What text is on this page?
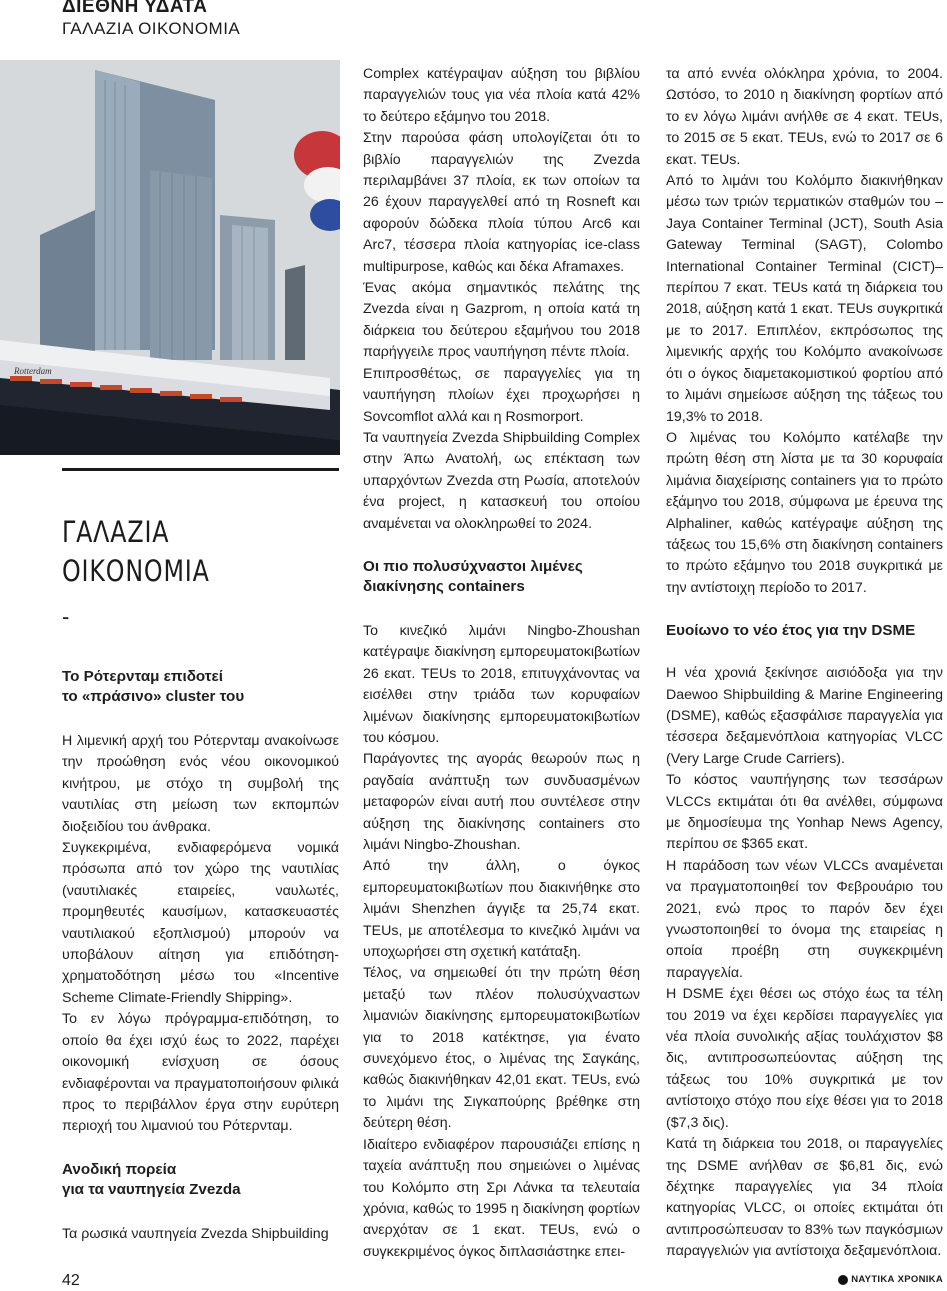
ΔΙΕΘΝΗ ΥΔΑΤΑ
ΓΑΛΑΖΙΑ ΟΙΚΟΝΟΜΙΑ
Rotterdam
ΓΑΛΑΖΙΑ
ΟΙΚΟΝΟΜΙΑ
-
Το Ρότερνταμ επιδοτεί
το «πράσινο» cluster του

Η λιμενική αρχή του Ρότερνταμ ανακοίνωσε την προώθηση ενός νέου οικονομικού κινήτρου, με στόχο τη συμβολή της ναυτιλίας στη μείωση των εκπομπών διοξειδίου του άνθρακα.

Συγκεκριμένα, ενδιαφερόμενα νομικά πρόσωπα από τον χώρο της ναυτιλίας (ναυτιλιακές εταιρείες, ναυλωτές, προμηθευτές καυσίμων, κατασκευαστές ναυτιλιακού εξοπλισμού) μπορούν να υποβάλουν αίτηση για επιδότηση-χρηματοδότηση μέσω του «Incentive Scheme Climate-Friendly Shipping».

Το εν λόγω πρόγραμμα-επιδότηση, το οποίο θα έχει ισχύ έως το 2022, παρέχει οικονομική ενίσχυση σε όσους ενδιαφέρονται να πραγματοποιήσουν φιλικά προς το περιβάλλον έργα στην ευρύτερη περιοχή του λιμανιού του Ρότερνταμ.

Ανοδική πορεία
για τα ναυπηγεία Zvezda

Τα ρωσικά ναυπηγεία Zvezda Shipbuilding

Complex κατέγραψαν αύξηση του βιβλίου παραγγελιών τους για νέα πλοία κατά 42% το δεύτερο εξάμηνο του 2018.

Στην παρούσα φάση υπολογίζεται ότι το βιβλίο παραγγελιών της Zvezda περιλαμβάνει 37 πλοία, εκ των οποίων τα 26 έχουν παραγγελθεί από τη Rosneft και αφορούν δώδεκα πλοία τύπου Arc6 και Arc7, τέσσερα πλοία κατηγορίας ice-class multipurpose, καθώς και δέκα Aframaxes.

Ένας ακόμα σημαντικός πελάτης της Zvezda είναι η Gazprom, η οποία κατά τη διάρκεια του δεύτερου εξαμήνου του 2018 παρήγγειλε προς ναυπήγηση πέντε πλοία.

Επιπροσθέτως, σε παραγγελίες για τη ναυπήγηση πλοίων έχει προχωρήσει η Sovcomflot αλλά και η Rosmorport.

Τα ναυπηγεία Zvezda Shipbuilding Complex στην Άπω Ανατολή, ως επέκταση των υπαρχόντων Zvezda στη Ρωσία, αποτελούν ένα project, η κατασκευή του οποίου αναμένεται να ολοκληρωθεί το 2024.

Οι πιο πολυσύχναστοι λιμένες
διακίνησης containers

Το κινεζικό λιμάνι Ningbo-Zhoushan κατέγραψε διακίνηση εμπορευματοκιβωτίων 26 εκατ. TEUs το 2018, επιτυγχάνοντας να εισέλθει στην τριάδα των κορυφαίων λιμένων διακίνησης εμπορευματοκιβωτίων του κόσμου.

Παράγοντες της αγοράς θεωρούν πως η ραγδαία ανάπτυξη των συνδυασμένων μεταφορών είναι αυτή που συντέλεσε στην αύξηση της διακίνησης containers στο λιμάνι Ningbo-Zhoushan.

Από την άλλη, ο όγκος εμπορευματοκιβωτίων που διακινήθηκε στο λιμάνι Shenzhen άγγιξε τα 25,74 εκατ. TEUs, με αποτέλεσμα το κινεζικό λιμάνι να υποχωρήσει στη σχετική κατάταξη.

Τέλος, να σημειωθεί ότι την πρώτη θέση μεταξύ των πλέον πολυσύχναστων λιμανιών διακίνησης εμπορευματοκιβωτίων για το 2018 κατέκτησε, για ένατο συνεχόμενο έτος, ο λιμένας της Σαγκάης, καθώς διακινήθηκαν 42,01 εκατ. TEUs, ενώ το λιμάνι της Σιγκαπούρης βρέθηκε στη δεύτερη θέση.

Ιδιαίτερο ενδιαφέρον παρουσιάζει επίσης η ταχεία ανάπτυξη που σημειώνει ο λιμένας του Κολόμπο στη Σρι Λάνκα τα τελευταία χρόνια, καθώς το 1995 η διακίνηση φορτίων ανερχόταν σε 1 εκατ. TEUs, ενώ ο συγκεκριμένος όγκος διπλασιάστηκε επει-

τα από εννέα ολόκληρα χρόνια, το 2004. Ωστόσο, το 2010 η διακίνηση φορτίων από το εν λόγω λιμάνι ανήλθε σε 4 εκατ. TEUs, το 2015 σε 5 εκατ. TEUs, ενώ το 2017 σε 6 εκατ. TEUs.

Από το λιμάνι του Κολόμπο διακινήθηκαν μέσω των τριών τερματικών σταθμών του –Jaya Container Terminal (JCT), South Asia Gateway Terminal (SAGT), Colombo International Container Terminal (CICT)– περίπου 7 εκατ. TEUs κατά τη διάρκεια του 2018, αύξηση κατά 1 εκατ. TEUs συγκριτικά με το 2017. Επιπλέον, εκπρόσωπος της λιμενικής αρχής του Κολόμπο ανακοίνωσε ότι ο όγκος διαμετακομιστικού φορτίου από το λιμάνι σημείωσε αύξηση της τάξεως του 19,3% το 2018.

Ο λιμένας του Κολόμπο κατέλαβε την πρώτη θέση στη λίστα με τα 30 κορυφαία λιμάνια διαχείρισης containers για το πρώτο εξάμηνο του 2018, σύμφωνα με έρευνα της Alphaliner, καθώς κατέγραψε αύξηση της τάξεως του 15,6% στη διακίνηση containers το πρώτο εξάμηνο του 2018 συγκριτικά με την αντίστοιχη περίοδο το 2017.

Ευοίωνο το νέο έτος για την DSME

Η νέα χρονιά ξεκίνησε αισιόδοξα για την Daewoo Shipbuilding & Marine Engineering (DSME), καθώς εξασφάλισε παραγγελία για τέσσερα δεξαμενόπλοια κατηγορίας VLCC (Very Large Crude Carriers).

Το κόστος ναυπήγησης των τεσσάρων VLCCs εκτιμάται ότι θα ανέλθει, σύμφωνα με δημοσίευμα της Yonhap News Agency, περίπου σε $365 εκατ.

Η παράδοση των νέων VLCCs αναμένεται να πραγματοποιηθεί τον Φεβρουάριο του 2021, ενώ προς το παρόν δεν έχει γνωστοποιηθεί το όνομα της εταιρείας η οποία προέβη στη συγκεκριμένη παραγγελία.

Η DSME έχει θέσει ως στόχο έως τα τέλη του 2019 να έχει κερδίσει παραγγελίες για νέα πλοία συνολικής αξίας τουλάχιστον $8 δις, αντιπροσωπεύοντας αύξηση της τάξεως του 10% συγκριτικά με τον αντίστοιχο στόχο που είχε θέσει για το 2018 ($7,3 δις).

Κατά τη διάρκεια του 2018, οι παραγγελίες της DSME ανήλθαν σε $6,81 δις, ενώ δέχτηκε παραγγελίες για 34 πλοία κατηγορίας VLCC, οι οποίες εκτιμάται ότι αντιπροσώπευσαν το 83% των παγκόσμιων παραγγελιών για αντίστοιχα δεξαμενόπλοια.

42	ΝΑΥΤΙΚΑ ΧΡΟΝΙΚΑ
